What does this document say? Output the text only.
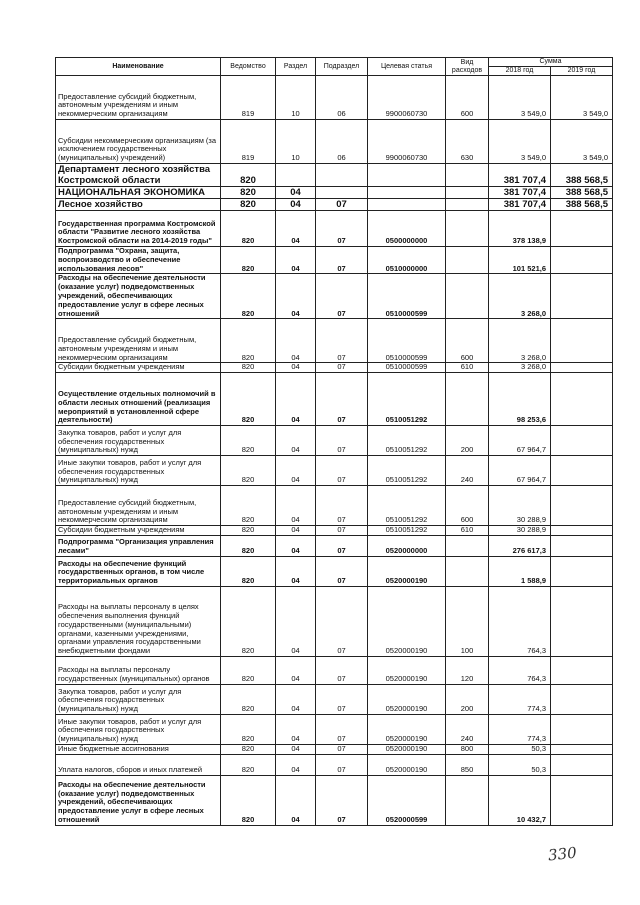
Наименование	Ведомство	Раздел	Подраздел	Целевая статья	Вид расходов	Сумма	
						2018 год	2019 год
Предоставление субсидий бюджетным, автономным учреждениям и иным некоммерческим организациям	819	10	06	9900060730	600	3 549,0	3 549,0
Субсидии некоммерческим организациям (за исключением государственных (муниципальных) учреждений)	819	10	06	9900060730	630	3 549,0	3 549,0
Департамент лесного хозяйства Костромской области	820					381 707,4	388 568,5
НАЦИОНАЛЬНАЯ ЭКОНОМИКА	820	04				381 707,4	388 568,5
Лесное хозяйство	820	04	07			381 707,4	388 568,5
Государственная программа Костромской области "Развитие лесного хозяйства Костромской области на 2014-2019 годы"	820	04	07	0500000000		378 138,9	
Подпрограмма "Охрана, защита, воспроизводство и обеспечение использования лесов"	820	04	07	0510000000		101 521,6	
Расходы на обеспечение деятельности (оказание услуг) подведомственных учреждений, обеспечивающих предоставление услуг в сфере лесных отношений	820	04	07	0510000599		3 268,0	
Предоставление субсидий бюджетным, автономным учреждениям и иным некоммерческим организациям	820	04	07	0510000599	600	3 268,0	
Субсидии бюджетным учреждениям	820	04	07	0510000599	610	3 268,0	
Осуществление отдельных полномочий в области лесных отношений (реализация мероприятий в установленной сфере деятельности)	820	04	07	0510051292		98 253,6	
Закупка товаров, работ и услуг для обеспечения государственных (муниципальных) нужд	820	04	07	0510051292	200	67 964,7	
Иные закупки товаров, работ и услуг для обеспечения государственных (муниципальных) нужд	820	04	07	0510051292	240	67 964,7	
Предоставление субсидий бюджетным, автономным учреждениям и иным некоммерческим организациям	820	04	07	0510051292	600	30 288,9	
Субсидии бюджетным учреждениям	820	04	07	0510051292	610	30 288,9	
Подпрограмма "Организация управления лесами"	820	04	07	0520000000		276 617,3	
Расходы на обеспечение функций государственных органов, в том числе территориальных органов	820	04	07	0520000190		1 588,9	
Расходы на выплаты персоналу в целях обеспечения выполнения функций государственными (муниципальными) органами, казенными учреждениями, органами управления государственными внебюджетными фондами	820	04	07	0520000190	100	764,3	
Расходы на выплаты персоналу государственных (муниципальных) органов	820	04	07	0520000190	120	764,3	
Закупка товаров, работ и услуг для обеспечения государственных (муниципальных) нужд	820	04	07	0520000190	200	774,3	
Иные закупки товаров, работ и услуг для обеспечения государственных (муниципальных) нужд	820	04	07	0520000190	240	774,3	
Иные бюджетные ассигнования	820	04	07	0520000190	800	50,3	
Уплата налогов, сборов и иных платежей	820	04	07	0520000190	850	50,3	
Расходы на обеспечение деятельности (оказание услуг) подведомственных учреждений, обеспечивающих предоставление услуг в сфере лесных отношений	820	04	07	0520000599		10 432,7	
330
